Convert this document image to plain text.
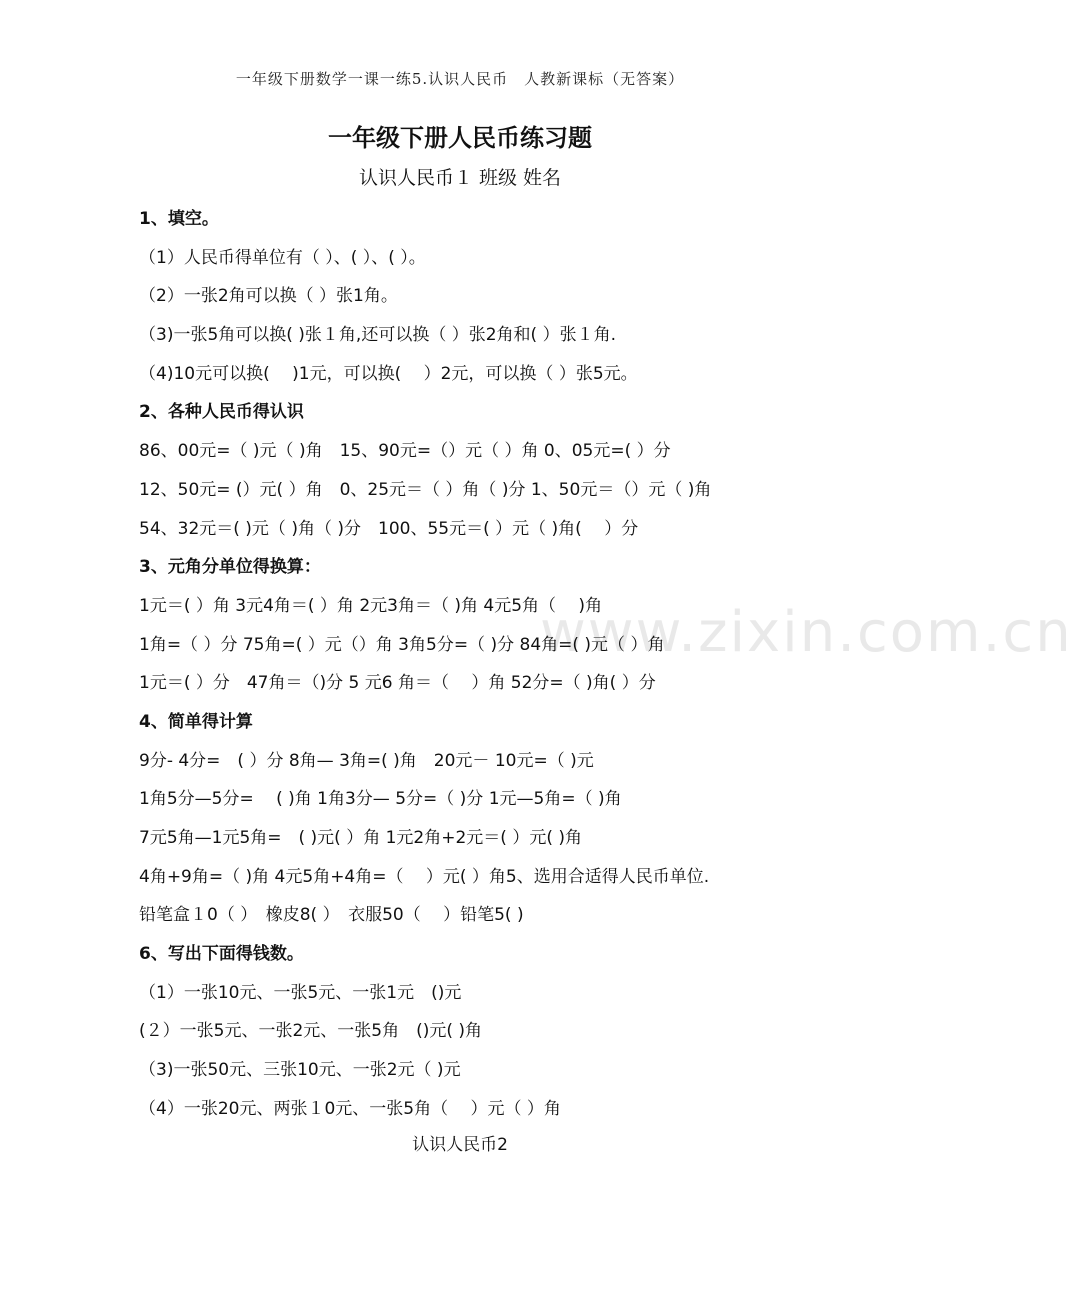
一年级下册数学一课一练5.认识人民币　人教新课标（无答案）
一年级下册人民币练习题
认识人民币１ 班级 姓名
www.zixin.com.cn
1、填空。
（1）人民币得单位有（ ）、( ）、( ）。
（2）一张2角可以换（ ）张1角。
（3)一张5角可以换( )张１角,还可以换（ ）张2角和( ）张１角.
（4)10元可以换(　 )1元，可以换(　 ）2元，可以换（ ）张5元。
2、各种人民币得认识
86、00元=（ )元（ )角　15、90元=（）元（ ）角 0、05元=( ）分
12、50元= (）元( ）角　0、25元＝（ ）角（ )分 1、50元＝（）元（ )角
54、32元＝( )元（ )角（ )分　100、55元＝( ）元（ )角(　 ）分
3、元角分单位得换算：
1元＝( ）角 3元4角＝( ）角 2元3角＝（ )角 4元5角（　 )角
1角=（ ）分 75角=( ）元（）角 3角5分=（ )分 84角=( )元（ ）角
1元＝( ）分　47角＝（)分 5 元6 角＝（　 ）角 52分=（ )角( ）分
4、简单得计算
9分- 4分=　( ）分 8角— 3角=( )角　20元－ 10元=（ )元
1角5分—5分=　 ( )角 1角3分— 5分=（ )分 1元—5角=（ )角
7元5角—1元5角=　( )元( ）角 1元2角+2元＝( ）元( )角
4角+9角=（ )角 4元5角+4角=（　 ）元( ）角5、选用合适得人民币单位.
铅笔盒１0（ ）　橡皮8( ）　衣服50（　 ）铅笔5( )
6、写出下面得钱数。
（1）一张10元、一张5元、一张1元　()元
(２）一张5元、一张2元、一张5角　()元( )角
（3)一张50元、三张10元、一张2元（ )元
（4）一张20元、两张１0元、一张5角（　 ）元（ ）角
认识人民币2
